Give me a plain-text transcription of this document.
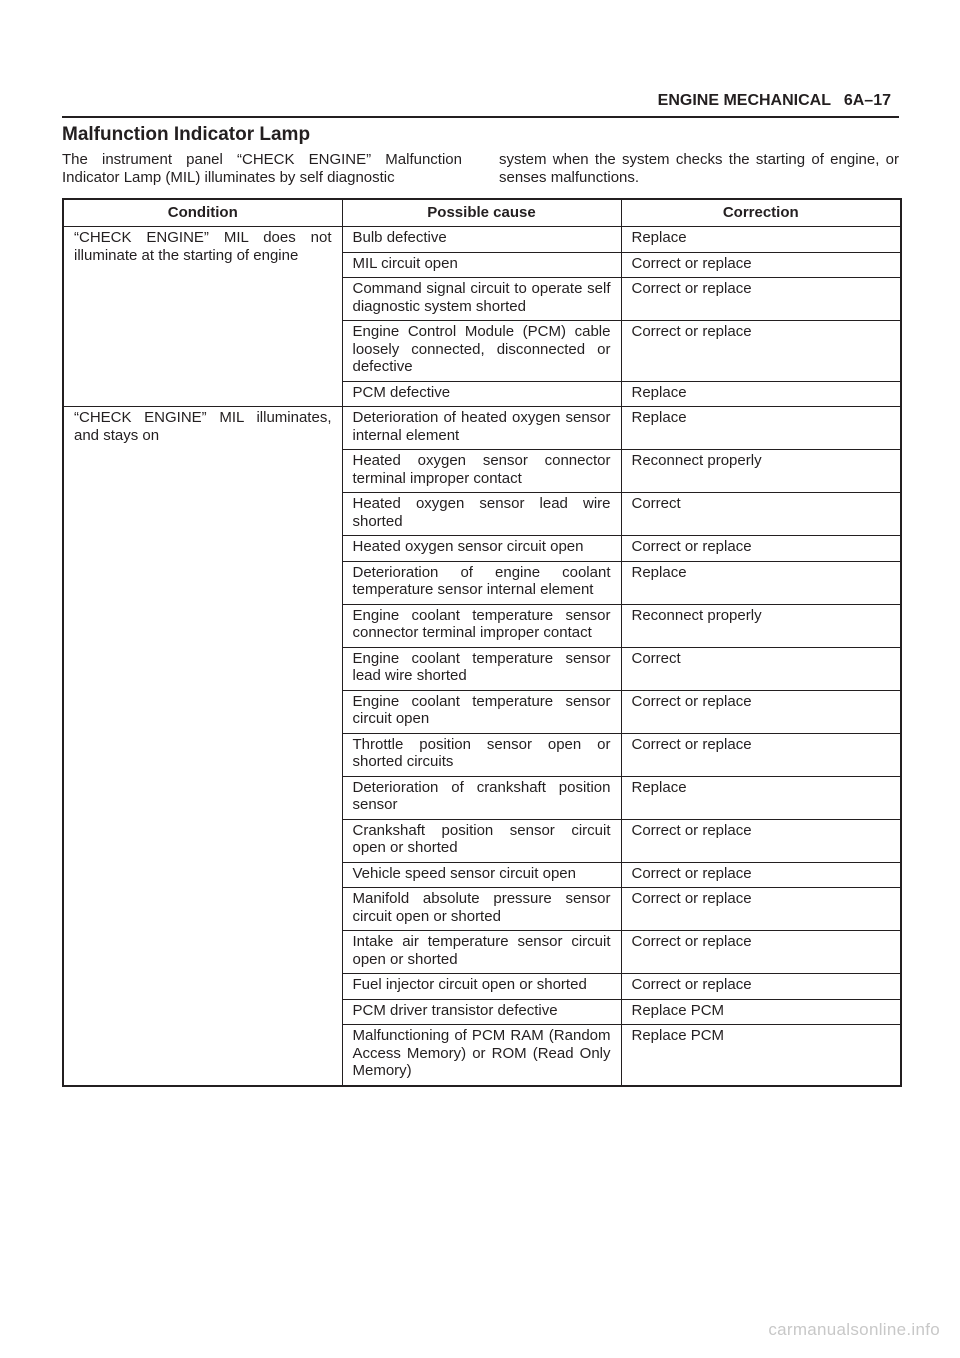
ENGINE MECHANICAL 6A–17
Malfunction Indicator Lamp

The instrument panel “CHECK ENGINE” Malfunction Indicator Lamp (MIL) illuminates by self diagnostic

system when the system checks the starting of engine, or senses malfunctions.

Condition	Possible cause	Correction
“CHECK ENGINE” MIL does not illuminate at the starting of engine	Bulb defective	Replace
	MIL circuit open	Correct or replace
	Command signal circuit to operate self diagnostic system shorted	Correct or replace
	Engine Control Module (PCM) cable loosely connected, disconnected or defective	Correct or replace
	PCM defective	Replace
“CHECK ENGINE” MIL illuminates, and stays on	Deterioration of heated oxygen sensor internal element	Replace
	Heated oxygen sensor connector terminal improper contact	Reconnect properly
	Heated oxygen sensor lead wire shorted	Correct
	Heated oxygen sensor circuit open	Correct or replace
	Deterioration of engine coolant temperature sensor internal element	Replace
	Engine coolant temperature sensor connector terminal improper contact	Reconnect properly
	Engine coolant temperature sensor lead wire shorted	Correct
	Engine coolant temperature sensor circuit open	Correct or replace
	Throttle position sensor open or shorted circuits	Correct or replace
	Deterioration of crankshaft position sensor	Replace
	Crankshaft position sensor circuit open or shorted	Correct or replace
	Vehicle speed sensor circuit open	Correct or replace
	Manifold absolute pressure sensor circuit open or shorted	Correct or replace
	Intake air temperature sensor circuit open or shorted	Correct or replace
	Fuel injector circuit open or shorted	Correct or replace
	PCM driver transistor defective	Replace PCM
	Malfunctioning of PCM RAM (Random Access Memory) or ROM (Read Only Memory)	Replace PCM
carmanualsonline.info
